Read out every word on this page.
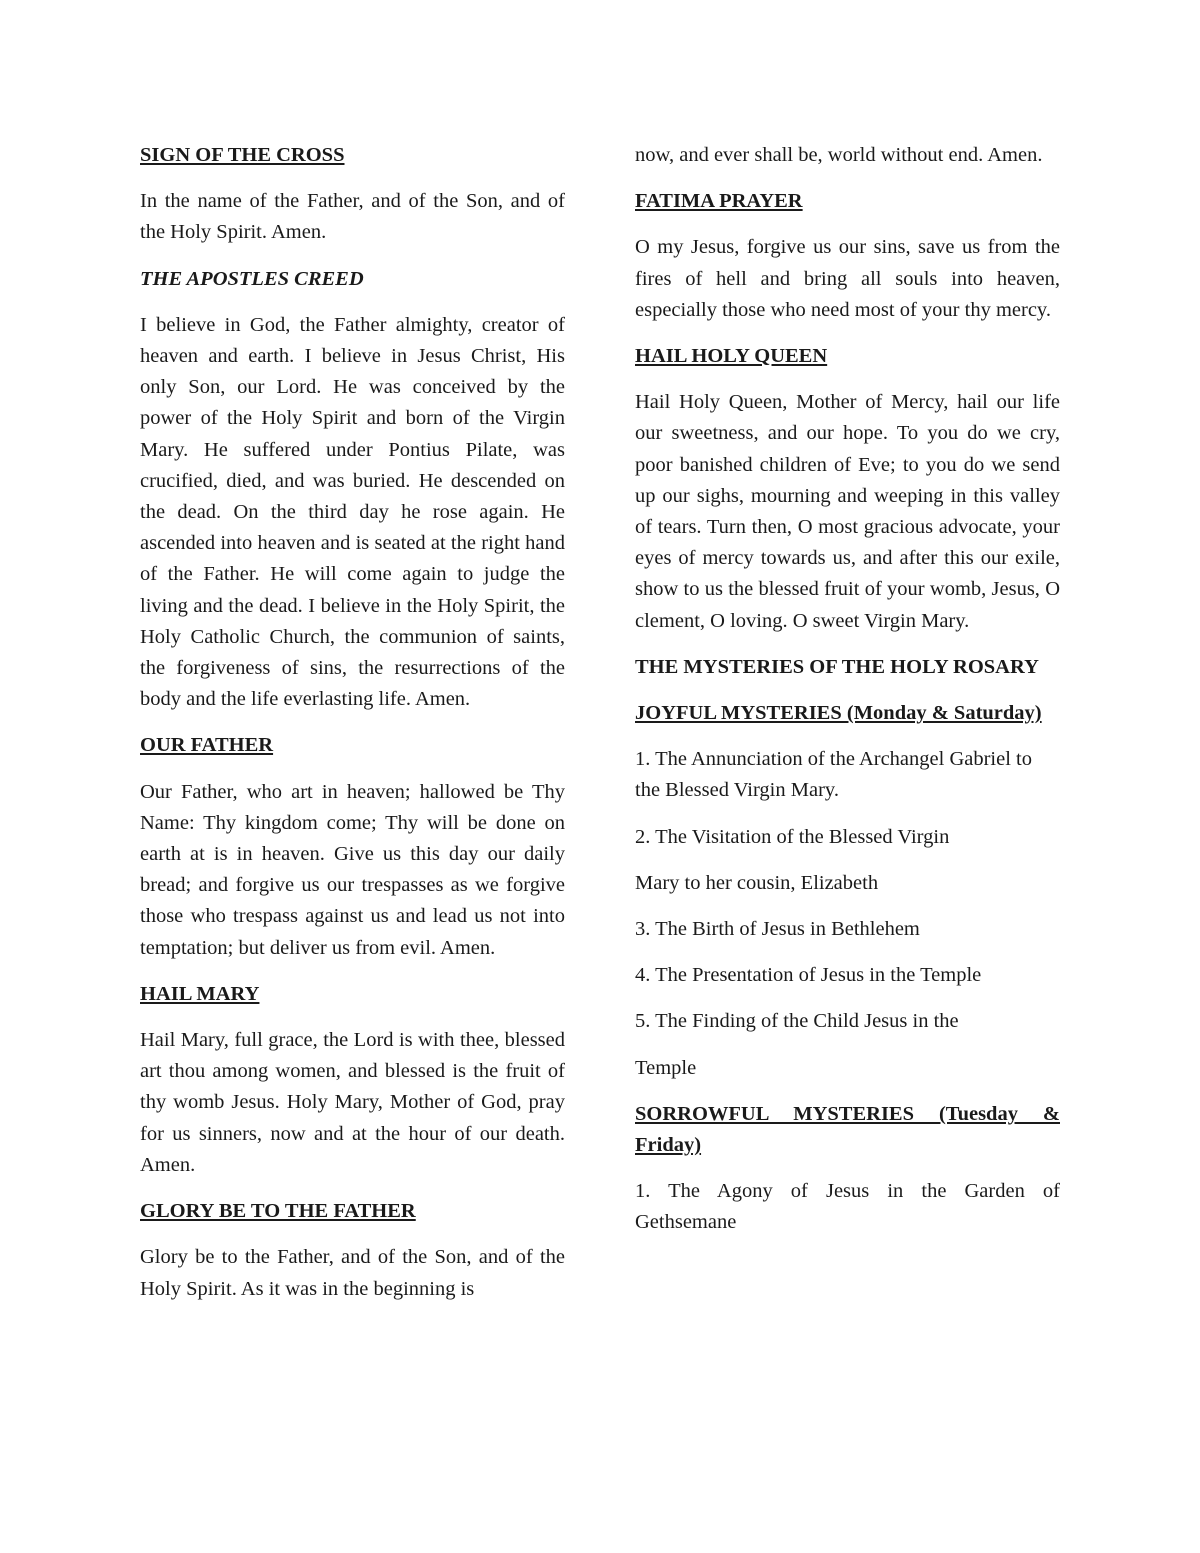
SIGN OF THE CROSS
In the name of the Father, and of the Son, and of the Holy Spirit. Amen.
THE APOSTLES CREED
I believe in God, the Father almighty, creator of heaven and earth. I believe in Jesus Christ, His only Son, our Lord. He was conceived by the power of the Holy Spirit and born of the Virgin Mary. He suffered under Pontius Pilate, was crucified, died, and was buried. He descended on the dead. On the third day he rose again. He ascended into heaven and is seated at the right hand of the Father. He will come again to judge the living and the dead. I believe in the Holy Spirit, the Holy Catholic Church, the communion of saints, the forgiveness of sins, the resurrections of the body and the life everlasting life. Amen.
OUR FATHER
Our Father, who art in heaven; hallowed be Thy Name: Thy kingdom come; Thy will be done on earth at is in heaven. Give us this day our daily bread; and forgive us our trespasses as we forgive those who trespass against us and lead us not into temptation; but deliver us from evil. Amen.
HAIL MARY
Hail Mary, full grace, the Lord is with thee, blessed art thou among women, and blessed is the fruit of thy womb Jesus. Holy Mary, Mother of God, pray for us sinners, now and at the hour of our death. Amen.
GLORY BE TO THE FATHER
Glory be to the Father, and of the Son, and of the Holy Spirit. As it was in the beginning is
now, and ever shall be, world without end. Amen.
FATIMA PRAYER
O my Jesus, forgive us our sins, save us from the fires of hell and bring all souls into heaven, especially those who need most of your thy mercy.
HAIL HOLY QUEEN
Hail Holy Queen, Mother of Mercy, hail our life our sweetness, and our hope. To you do we cry, poor banished children of Eve; to you do we send up our sighs, mourning and weeping in this valley of tears. Turn then, O most gracious advocate, your eyes of mercy towards us, and after this our exile, show to us the blessed fruit of your womb, Jesus, O clement, O loving. O sweet Virgin Mary.
THE MYSTERIES OF THE HOLY ROSARY
JOYFUL MYSTERIES (Monday & Saturday)
1. The Annunciation of the Archangel Gabriel to the Blessed Virgin Mary.
2. The Visitation of the Blessed Virgin
Mary to her cousin, Elizabeth
3. The Birth of Jesus in Bethlehem
4. The Presentation of Jesus in the Temple
5. The Finding of the Child Jesus in the
Temple
SORROWFUL MYSTERIES (Tuesday & Friday)
1. The Agony of Jesus in the Garden of Gethsemane
